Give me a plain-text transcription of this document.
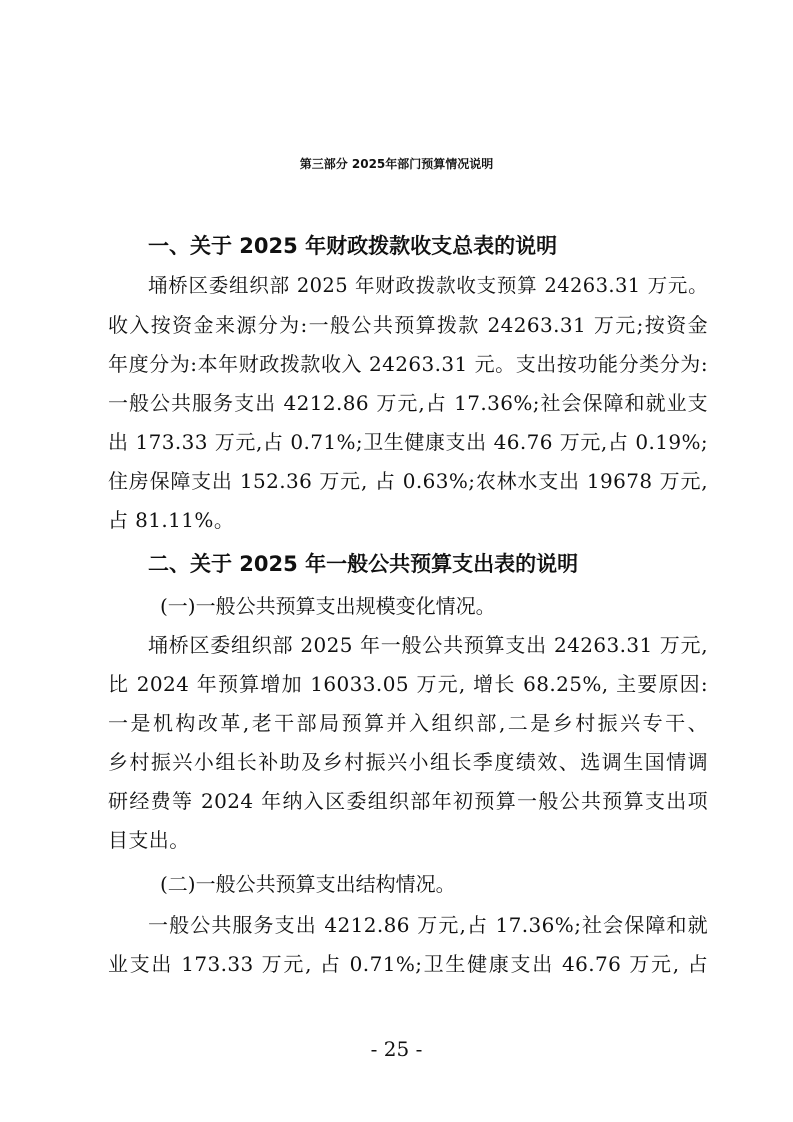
第三部分 2025年部门预算情况说明
一、关于 2025 年财政拨款收支总表的说明
埇桥区委组织部 2025 年财政拨款收支预算 24263.31 万元。
收入按资金来源分为:一般公共预算拨款 24263.31 万元;按资金
年度分为:本年财政拨款收入 24263.31 元。支出按功能分类分为:
一般公共服务支出 4212.86 万元,占 17.36%;社会保障和就业支
出 173.33 万元,占 0.71%;卫生健康支出 46.76 万元,占 0.19%;
住房保障支出 152.36 万元, 占 0.63%;农林水支出 19678 万元,
占 81.11%。
二、关于 2025 年一般公共预算支出表的说明
(一)一般公共预算支出规模变化情况。
埇桥区委组织部 2025 年一般公共预算支出 24263.31 万元,
比 2024 年预算增加 16033.05 万元, 增长 68.25%, 主要原因:
一是机构改革,老干部局预算并入组织部,二是乡村振兴专干、
乡村振兴小组长补助及乡村振兴小组长季度绩效、选调生国情调
研经费等 2024 年纳入区委组织部年初预算一般公共预算支出项
目支出。
(二)一般公共预算支出结构情况。
一般公共服务支出 4212.86 万元,占 17.36%;社会保障和就
业支出 173.33 万元, 占 0.71%;卫生健康支出 46.76 万元, 占
- 25 -
